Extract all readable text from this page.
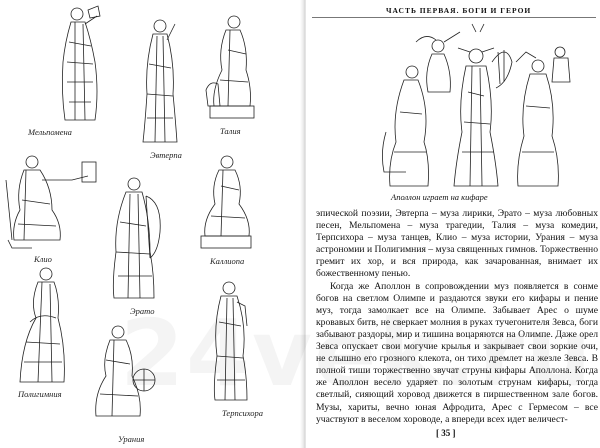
Мельпомена
Эвтерпа
Талия
Клио
Эрато
Каллиопа
Полигимния
Урания
Терпсихора
ЧАСТЬ ПЕРВАЯ. БОГИ И ГЕРОИ
Аполлон играет на кифаре

эпической поэзии, Эвтерпа – муза лирики, Эрато – муза любовных песен, Мельпомена – муза трагедии, Талия – муза комедии, Терпсихора – муза танцев, Клио – муза истории, Урания – муза астрономии и Полигимния – муза священных гимнов. Торжественно гремит их хор, и вся природа, как зачарованная, внимает их божественному пенью.

Когда же Аполлон в сопровождении муз появляется в сонме богов на светлом Олимпе и раздаются звуки его кифары и пение муз, тогда замолкает все на Олимпе. Забывает Арес о шуме кровавых битв, не сверкает молния в руках тучегонителя Зевса, боги забывают раздоры, мир и тишина воцаряются на Олимпе. Даже орел Зевса опускает свои могучие крылья и закрывает свои зоркие очи, не слышно его грозного клекота, он тихо дремлет на жезле Зевса. В полной тиши торжественно звучат струны кифары Аполлона. Когда же Аполлон весело ударяет по золотым струнам кифары, тогда светлый, сияющий хоровод движется в пиршественном зале богов. Музы, хариты, вечно юная Афродита, Арес с Гермесом – все участвуют в веселом хороводе, а впереди всех идет величест-

[ 35 ]
